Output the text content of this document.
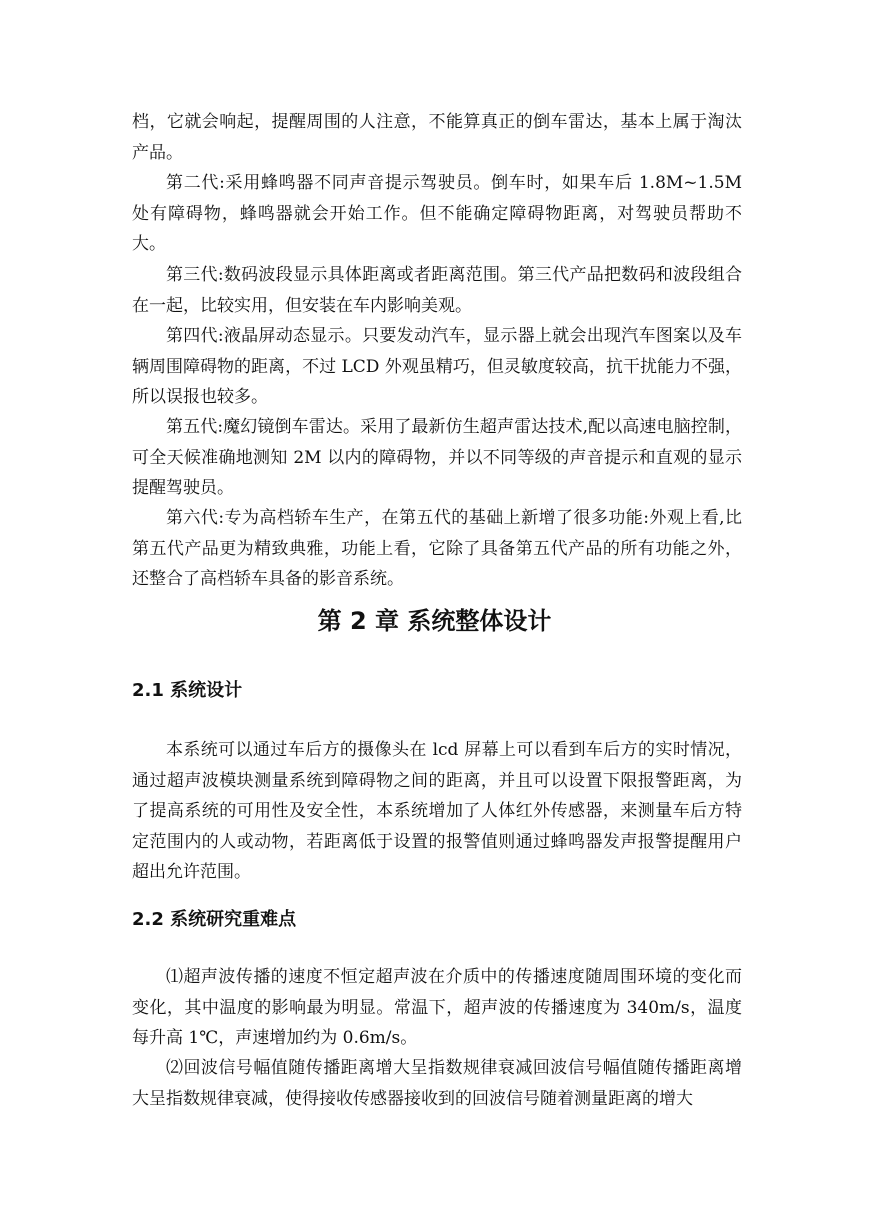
档，它就会响起，提醒周围的人注意，不能算真正的倒车雷达，基本上属于淘汰产品。

第二代:采用蜂鸣器不同声音提示驾驶员。倒车时，如果车后 1.8M~1.5M 处有障碍物，蜂鸣器就会开始工作。但不能确定障碍物距离，对驾驶员帮助不大。

第三代:数码波段显示具体距离或者距离范围。第三代产品把数码和波段组合在一起，比较实用，但安装在车内影响美观。

第四代:液晶屏动态显示。只要发动汽车，显示器上就会出现汽车图案以及车辆周围障碍物的距离，不过 LCD 外观虽精巧，但灵敏度较高，抗干扰能力不强，所以误报也较多。

第五代:魔幻镜倒车雷达。采用了最新仿生超声雷达技术,配以高速电脑控制，可全天候准确地测知 2M 以内的障碍物，并以不同等级的声音提示和直观的显示提醒驾驶员。

第六代:专为高档轿车生产，在第五代的基础上新增了很多功能:外观上看,比第五代产品更为精致典雅，功能上看，它除了具备第五代产品的所有功能之外，还整合了高档轿车具备的影音系统。

第 2 章 系统整体设计
2.1 系统设计

本系统可以通过车后方的摄像头在 lcd 屏幕上可以看到车后方的实时情况，通过超声波模块测量系统到障碍物之间的距离，并且可以设置下限报警距离，为了提高系统的可用性及安全性，本系统增加了人体红外传感器，来测量车后方特定范围内的人或动物，若距离低于设置的报警值则通过蜂鸣器发声报警提醒用户超出允许范围。

2.2 系统研究重难点

⑴超声波传播的速度不恒定超声波在介质中的传播速度随周围环境的变化而变化，其中温度的影响最为明显。常温下，超声波的传播速度为 340m/s，温度每升高 1℃，声速增加约为 0.6m/s。

⑵回波信号幅值随传播距离增大呈指数规律衰减回波信号幅值随传播距离增大呈指数规律衰减，使得接收传感器接收到的回波信号随着测量距离的增大
